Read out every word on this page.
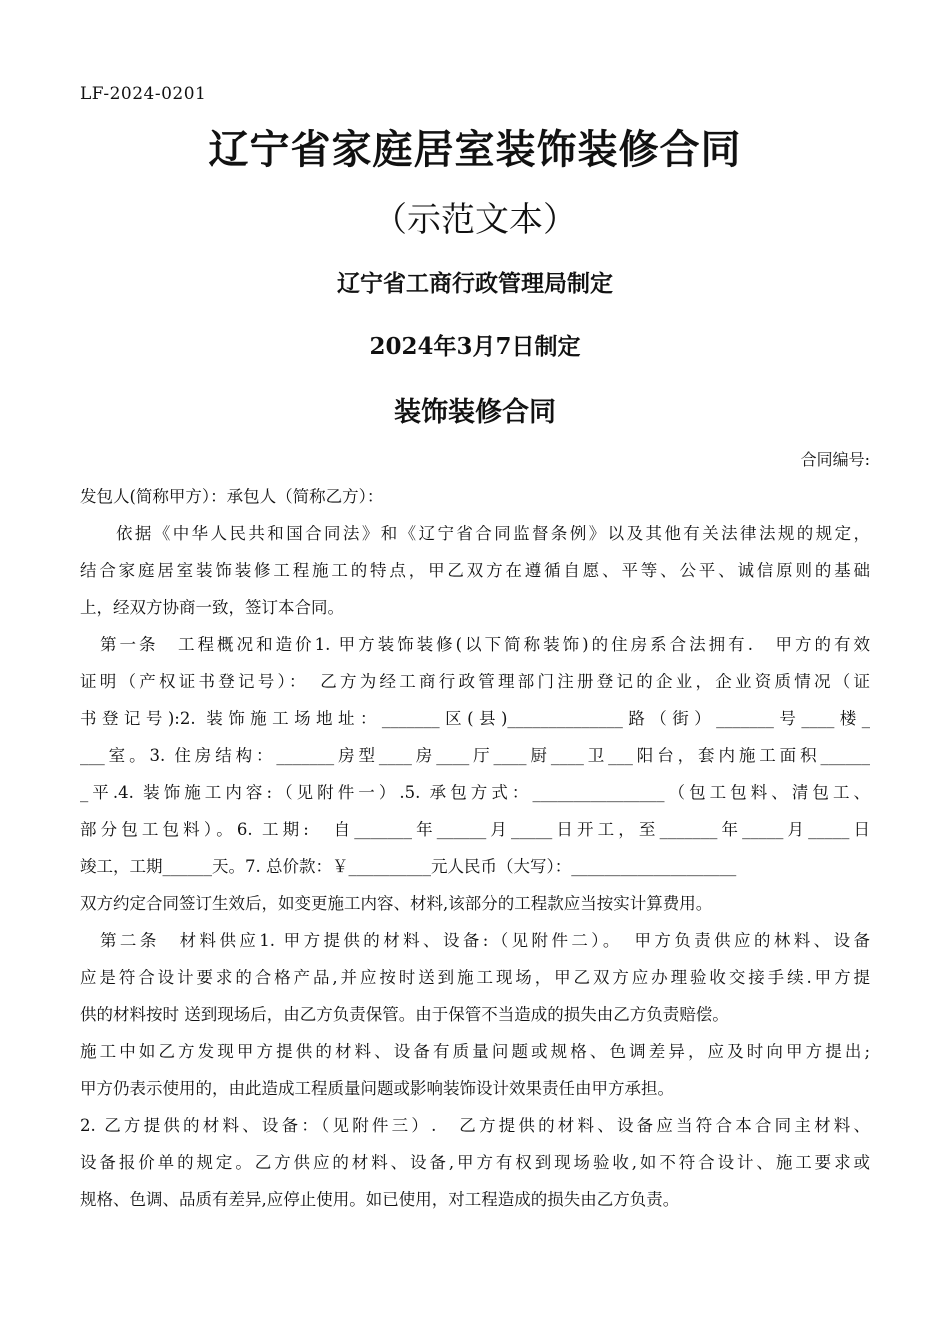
LF-2024-0201
辽宁省家庭居室装饰装修合同
（示范文本）
辽宁省工商行政管理局制定
2024年3月7日制定
装饰装修合同
合同编号:
发包人(简称甲方）：承包人（简称乙方）：
依据《中华人民共和国合同法》和《辽宁省合同监督条例》以及其他有关法律法规的规定，
结合家庭居室装饰装修工程施工的特点，甲乙双方在遵循自愿、平等、公平、诚信原则的基础
上，经双方协商一致，签订本合同。
第一条　工程概况和造价1. 甲方装饰装修(以下简称装饰)的住房系合法拥有.　甲方的有效
证明（产权证书登记号）：　乙方为经工商行政管理部门注册登记的企业，企业资质情况（证
书登记号):2. 装饰施工场地址：_______区(县)______________路（街）_______号____楼_
___室。3. 住房结构：_______房型____房____厅____厨____卫___阳台，套内施工面积______
_平.4. 装饰施工内容:（见附件一）.5. 承包方式：________________（包工包料、清包工、
部分包工包料）。6. 工期:　自_______年______月_____日开工，至_______年_____月_____日
竣工，工期______天。7. 总价款：￥__________元人民币（大写）：____________________
双方约定合同签订生效后，如变更施工内容、材料,该部分的工程款应当按实计算费用。
第二条　材料供应1. 甲方提供的材料、设备:（见附件二）。　甲方负责供应的林料、设备
应是符合设计要求的合格产品,并应按时送到施工现场，甲乙双方应办理验收交接手续.甲方提
供的材料按时 送到现场后，由乙方负责保管。由于保管不当造成的损失由乙方负责赔偿。
施工中如乙方发现甲方提供的材料、设备有质量问题或规格、色调差异，应及时向甲方提出;
甲方仍表示使用的，由此造成工程质量问题或影响装饰设计效果责任由甲方承担。
2. 乙方提供的材料、设备：（见附件三）.　乙方提供的材料、设备应当符合本合同主材料、
设备报价单的规定。乙方供应的材料、设备,甲方有权到现场验收,如不符合设计、施工要求或
规格、色调、品质有差异,应停止使用。如已使用，对工程造成的损失由乙方负责。
